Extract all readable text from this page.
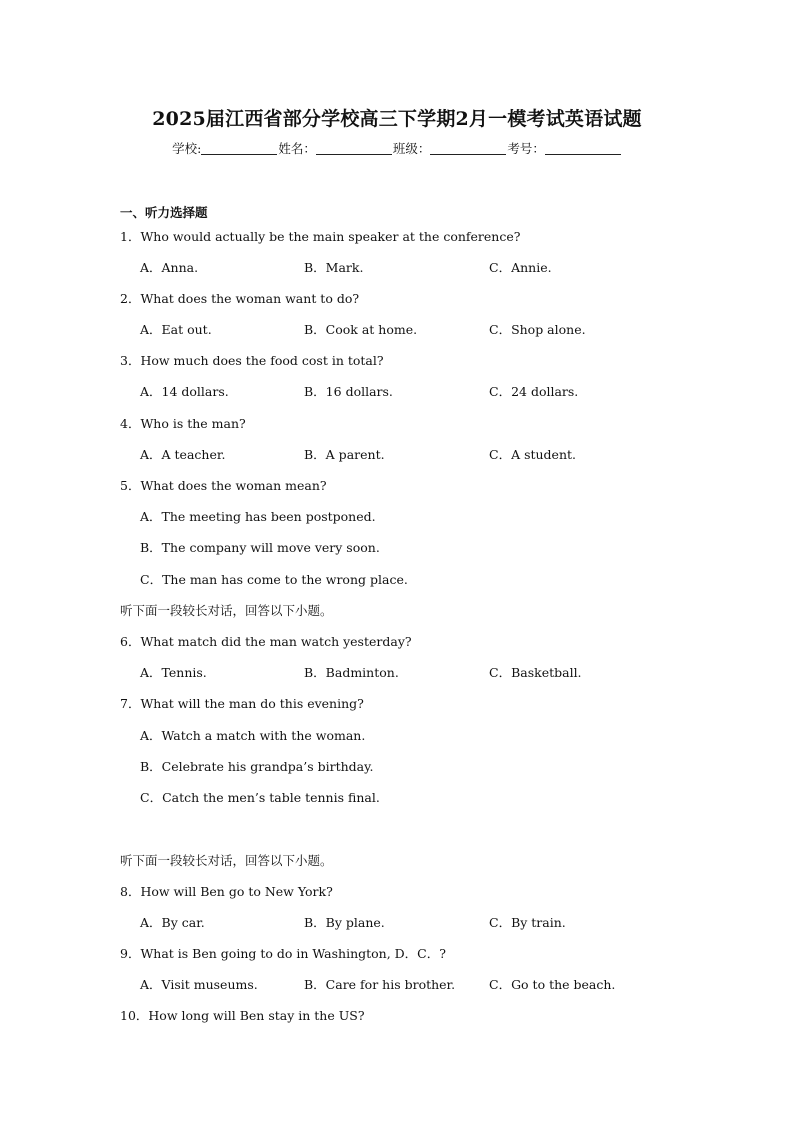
2025届江西省部分学校高三下学期2月一模考试英语试题
学校:	姓名：	班级：	考号：
一、听力选择题
1．Who would actually be the main speaker at the conference?
A．Anna.	B．Mark.	C．Annie.
2．What does the woman want to do?
A．Eat out.	B．Cook at home.	C．Shop alone.
3．How much does the food cost in total?
A．14 dollars.	B．16 dollars.	C．24 dollars.
4．Who is the man?
A．A teacher.	B．A parent.	C．A student.
5．What does the woman mean?
A．The meeting has been postponed.
B．The company will move very soon.
C．The man has come to the wrong place.
听下面一段较长对话，回答以下小题。
6．What match did the man watch yesterday?
A．Tennis.	B．Badminton.	C．Basketball.
7．What will the man do this evening?
A．Watch a match with the woman.
B．Celebrate his grandpa’s birthday.
C．Catch the men’s table tennis final.
听下面一段较长对话，回答以下小题。
8．How will Ben go to New York?
A．By car.	B．By plane.	C．By train.
9．What is Ben going to do in Washington, D．C．?
A．Visit museums.	B．Care for his brother.	C．Go to the beach.
10．How long will Ben stay in the US?
